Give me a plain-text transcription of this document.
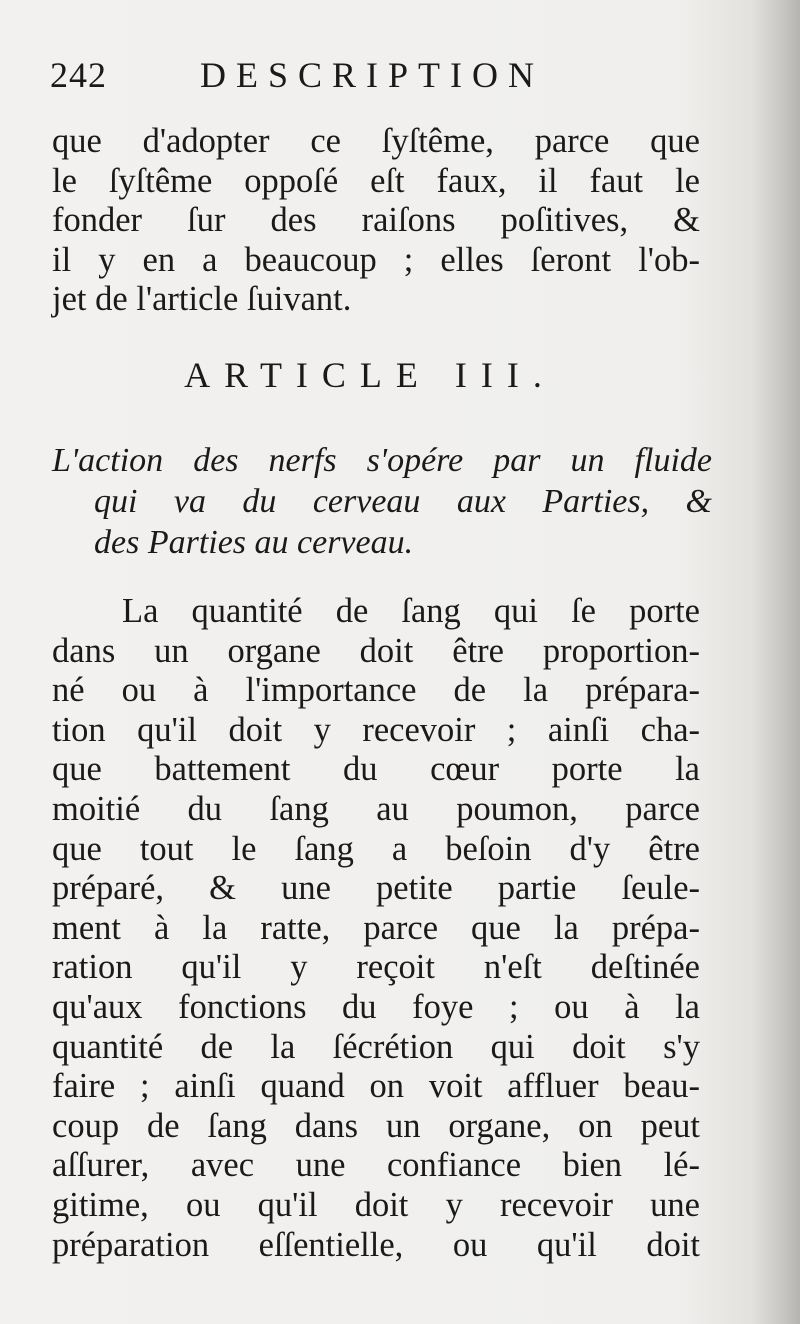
242	DESCRIPTION
que d'adopter ce ſyſtême, parce que
le ſyſtême oppoſé eſt faux, il faut le
fonder ſur des raiſons poſitives, &
il y en a beaucoup ; elles ſeront l'ob-
jet de l'article ſuivant.
ARTICLE III.
L'action des nerfs s'opére par un fluide
qui va du cerveau aux Parties, &
des Parties au cerveau.
La quantité de ſang qui ſe porte
dans un organe doit être proportion-
né ou à l'importance de la prépara-
tion qu'il doit y recevoir ; ainſi cha-
que battement du cœur porte la
moitié du ſang au poumon, parce
que tout le ſang a beſoin d'y être
préparé, & une petite partie ſeule-
ment à la ratte, parce que la prépa-
ration qu'il y reçoit n'eſt deſtinée
qu'aux fonctions du foye ; ou à la
quantité de la ſécrétion qui doit s'y
faire ; ainſi quand on voit affluer beau-
coup de ſang dans un organe, on peut
aſſurer, avec une confiance bien lé-
gitime, ou qu'il doit y recevoir une
préparation eſſentielle, ou qu'il doit
